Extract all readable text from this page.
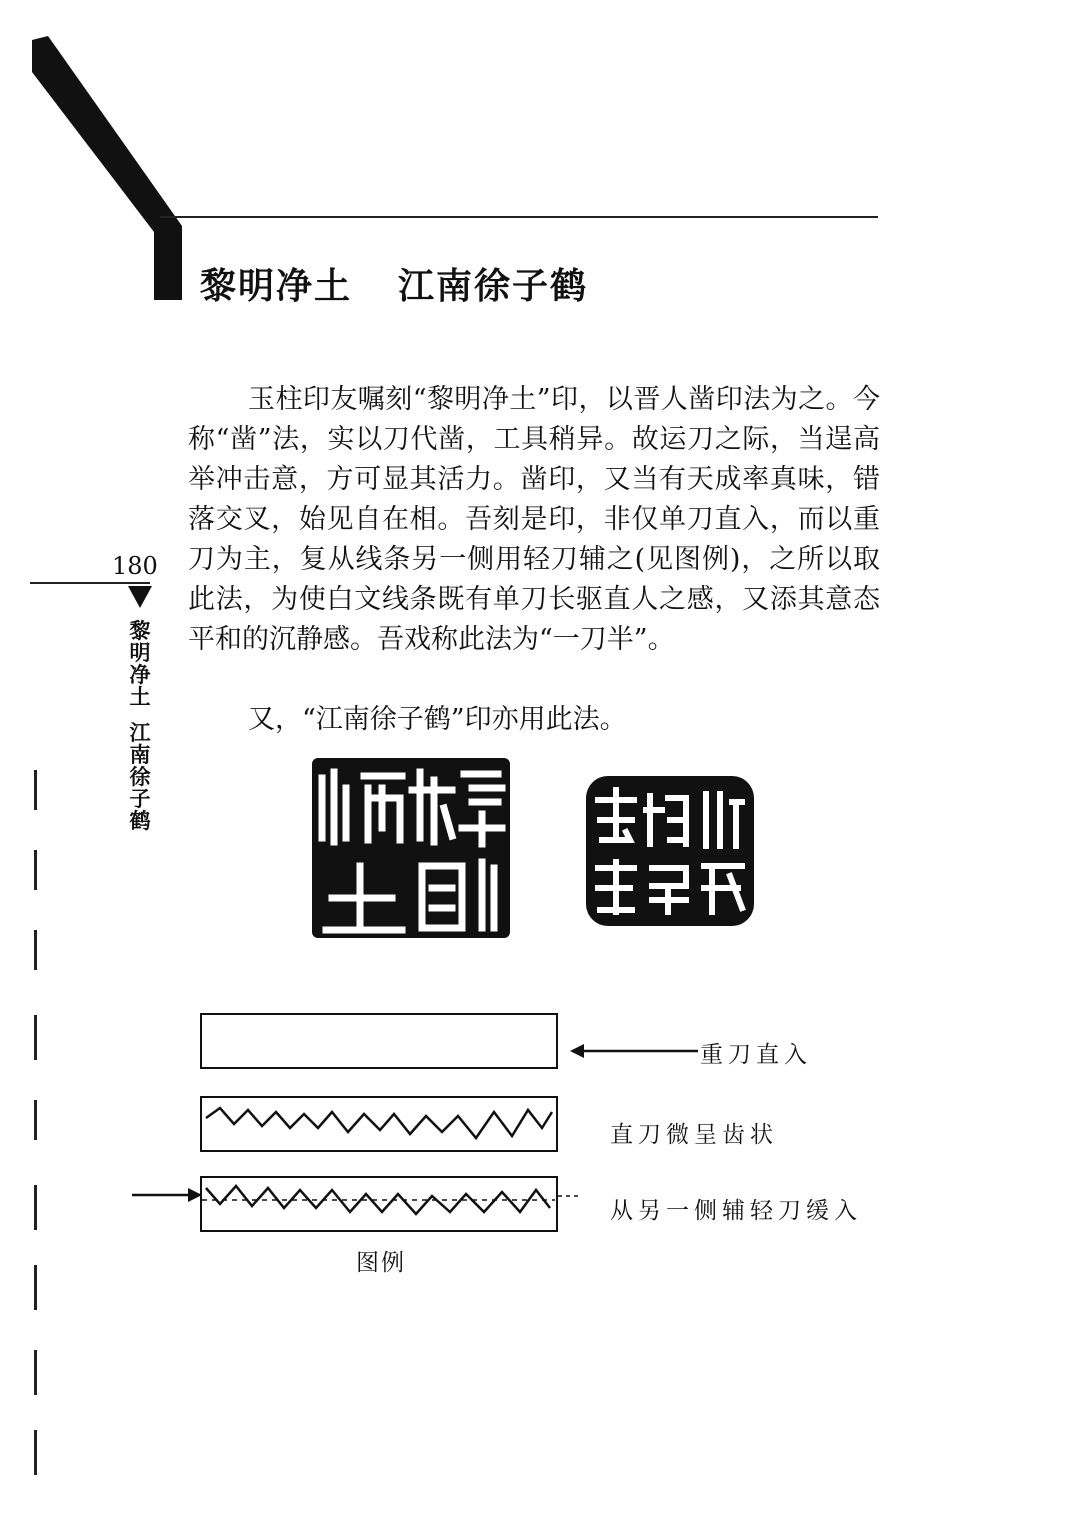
黎明净土 江南徐子鹤
180
黎明净土
江南徐子鹤

玉柱印友嘱刻“黎明净土”印，以晋人凿印法为之。今称“凿”法，实以刀代凿，工具稍异。故运刀之际，当逞高举冲击意，方可显其活力。凿印，又当有天成率真味，错落交叉，始见自在相。吾刻是印，非仅单刀直入，而以重刀为主，复从线条另一侧用轻刀辅之(见图例)，之所以取此法，为使白文线条既有单刀长驱直人之感，又添其意态平和的沉静感。吾戏称此法为“一刀半”。

又，“江南徐子鹤”印亦用此法。

重刀直入
直刀微呈齿状
从另一侧辅轻刀缓入
图例
